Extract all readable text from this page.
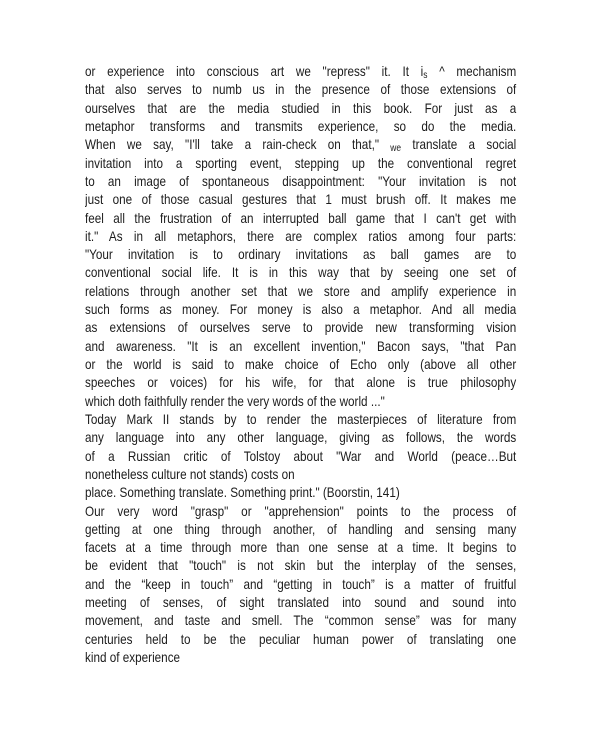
or experience into conscious art we "repress" it. It is ^ mechanism
that also serves to numb us in the presence of those extensions of
ourselves that are the media studied in this book. For just as a
metaphor transforms and transmits experience, so do the media.
When we say, "I'll take a rain-check on that," we translate a social
invitation into a sporting event, stepping up the conventional regret
to an image of spontaneous disappointment: "Your invitation is not
just one of those casual gestures that 1 must brush off. It makes me
feel all the frustration of an interrupted ball game that I can't get with
it." As in all metaphors, there are complex ratios among four parts:
"Your invitation is to ordinary invitations as ball games are to
conventional social life. It is in this way that by seeing one set of
relations through another set that we store and amplify experience in
such forms as money. For money is also a metaphor. And all media
as extensions of ourselves serve to provide new transforming vision
and awareness. "It is an excellent invention," Bacon says, "that Pan
or the world is said to make choice of Echo only (above all other
speeches or voices) for his wife, for that alone is true philosophy
which doth faithfully render the very words of the world ..."
Today Mark II stands by to render the masterpieces of literature from
any language into any other language, giving as follows, the words
of a Russian critic of Tolstoy about "War and World (peace…But
nonetheless culture not stands) costs on
place. Something translate. Something print." (Boorstin, 141)
Our very word "grasp" or "apprehension" points to the process of
getting at one thing through another, of handling and sensing many
facets at a time through more than one sense at a time. It begins to
be evident that "touch" is not skin but the interplay of the senses,
and the “keep in touch” and “getting in touch” is a matter of fruitful
meeting of senses, of sight translated into sound and sound into
movement, and taste and smell. The “common sense” was for many
centuries held to be the peculiar human power of translating one
kind of experience
